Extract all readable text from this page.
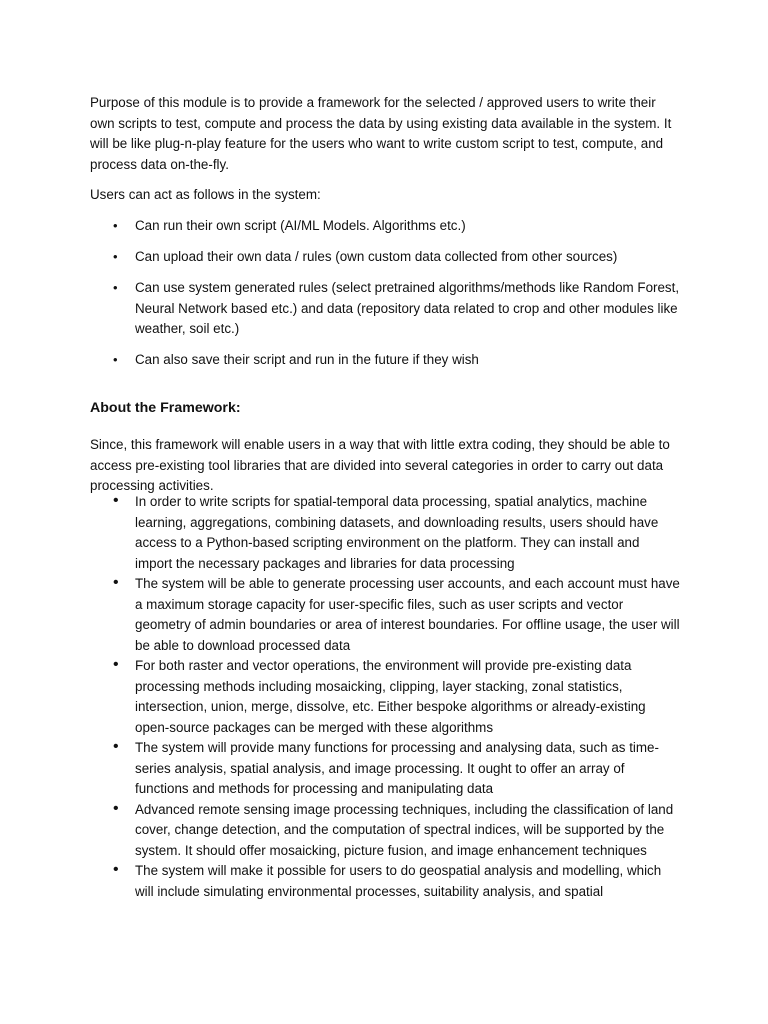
Purpose of this module is to provide a framework for the selected / approved users to write their own scripts to test, compute and process the data by using existing data available in the system. It will be like plug-n-play feature for the users who want to write custom script to test, compute, and process data on-the-fly.

Users can act as follows in the system:

• Can run their own script (AI/ML Models. Algorithms etc.)
• Can upload their own data / rules (own custom data collected from other sources)
• Can use system generated rules (select pretrained algorithms/methods like Random Forest, Neural Network based etc.) and data (repository data related to crop and other modules like weather, soil etc.)
• Can also save their script and run in the future if they wish
About the Framework:

Since, this framework will enable users in a way that with little extra coding, they should be able to access pre-existing tool libraries that are divided into several categories in order to carry out data processing activities.

• In order to write scripts for spatial-temporal data processing, spatial analytics, machine learning, aggregations, combining datasets, and downloading results, users should have access to a Python-based scripting environment on the platform. They can install and import the necessary packages and libraries for data processing
• The system will be able to generate processing user accounts, and each account must have a maximum storage capacity for user-specific files, such as user scripts and vector geometry of admin boundaries or area of interest boundaries. For offline usage, the user will be able to download processed data
• For both raster and vector operations, the environment will provide pre-existing data processing methods including mosaicking, clipping, layer stacking, zonal statistics, intersection, union, merge, dissolve, etc. Either bespoke algorithms or already-existing open-source packages can be merged with these algorithms
• The system will provide many functions for processing and analysing data, such as time-series analysis, spatial analysis, and image processing. It ought to offer an array of functions and methods for processing and manipulating data
• Advanced remote sensing image processing techniques, including the classification of land cover, change detection, and the computation of spectral indices, will be supported by the system. It should offer mosaicking, picture fusion, and image enhancement techniques
• The system will make it possible for users to do geospatial analysis and modelling, which will include simulating environmental processes, suitability analysis, and spatial
